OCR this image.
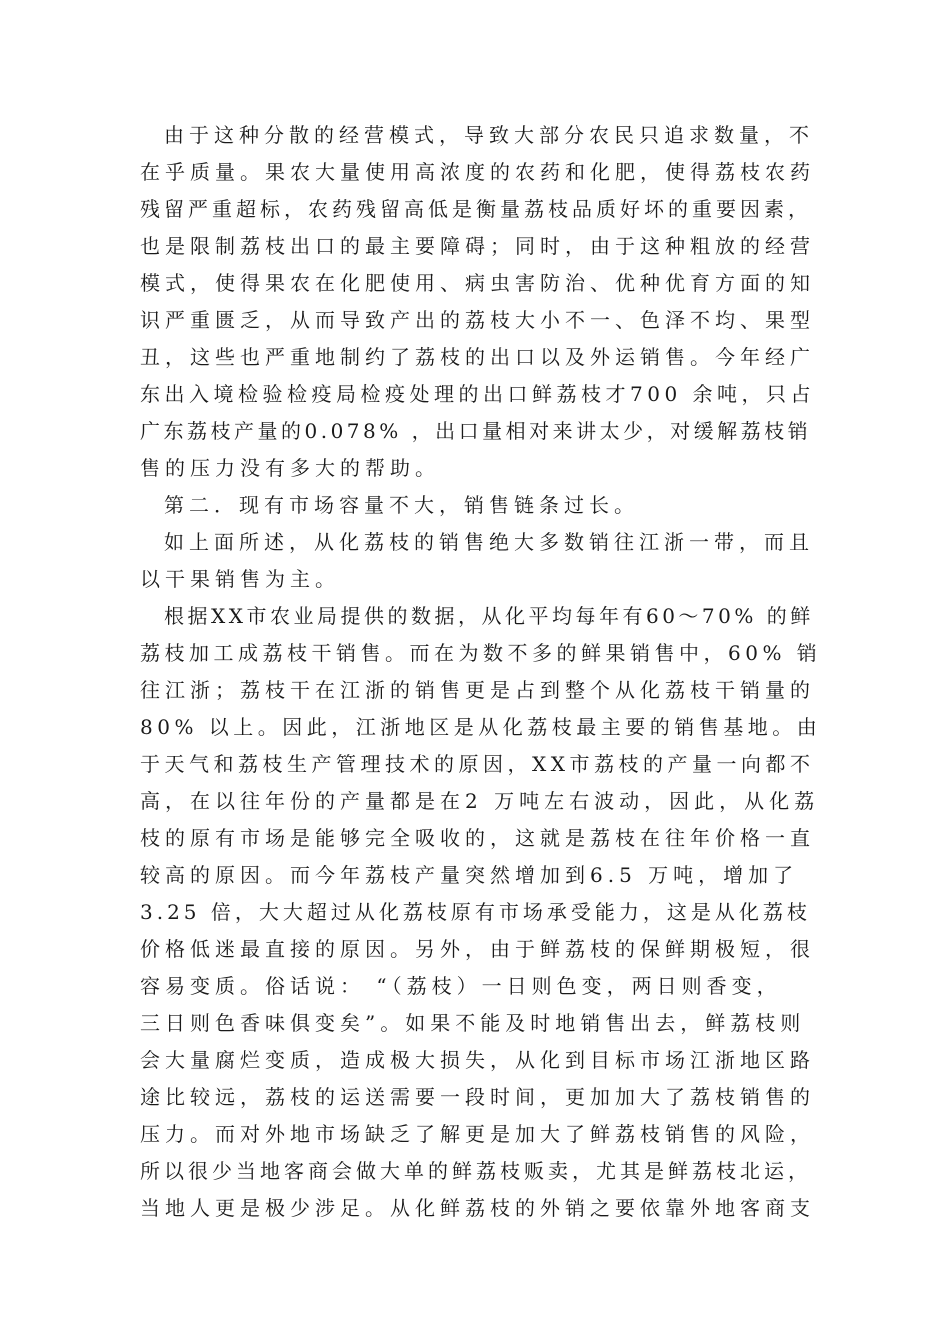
由于这种分散的经营模式，导致大部分农民只追求数量，不
在乎质量。果农大量使用高浓度的农药和化肥，使得荔枝农药
残留严重超标，农药残留高低是衡量荔枝品质好坏的重要因素，
也是限制荔枝出口的最主要障碍；同时，由于这种粗放的经营
模式，使得果农在化肥使用、病虫害防治、优种优育方面的知
识严重匮乏，从而导致产出的荔枝大小不一、色泽不均、果型
丑，这些也严重地制约了荔枝的出口以及外运销售。今年经广
东出入境检验检疫局检疫处理的出口鲜荔枝才700 余吨，只占
广东荔枝产量的0.078% ，出口量相对来讲太少，对缓解荔枝销
售的压力没有多大的帮助。
第二．现有市场容量不大，销售链条过长。
如上面所述，从化荔枝的销售绝大多数销往江浙一带，而且
以干果销售为主。
根据XX市农业局提供的数据，从化平均每年有60～70% 的鲜
荔枝加工成荔枝干销售。而在为数不多的鲜果销售中，60% 销
往江浙；荔枝干在江浙的销售更是占到整个从化荔枝干销量的
80% 以上。因此，江浙地区是从化荔枝最主要的销售基地。由
于天气和荔枝生产管理技术的原因，XX市荔枝的产量一向都不
高，在以往年份的产量都是在2 万吨左右波动，因此，从化荔
枝的原有市场是能够完全吸收的，这就是荔枝在往年价格一直
较高的原因。而今年荔枝产量突然增加到6.5 万吨，增加了
3.25 倍，大大超过从化荔枝原有市场承受能力，这是从化荔枝
价格低迷最直接的原因。另外，由于鲜荔枝的保鲜期极短，很
容易变质。俗话说： “（荔枝）一日则色变，两日则香变，
三日则色香味俱变矣”。如果不能及时地销售出去，鲜荔枝则
会大量腐烂变质，造成极大损失，从化到目标市场江浙地区路
途比较远，荔枝的运送需要一段时间，更加加大了荔枝销售的
压力。而对外地市场缺乏了解更是加大了鲜荔枝销售的风险，
所以很少当地客商会做大单的鲜荔枝贩卖，尤其是鲜荔枝北运，
当地人更是极少涉足。从化鲜荔枝的外销之要依靠外地客商支
